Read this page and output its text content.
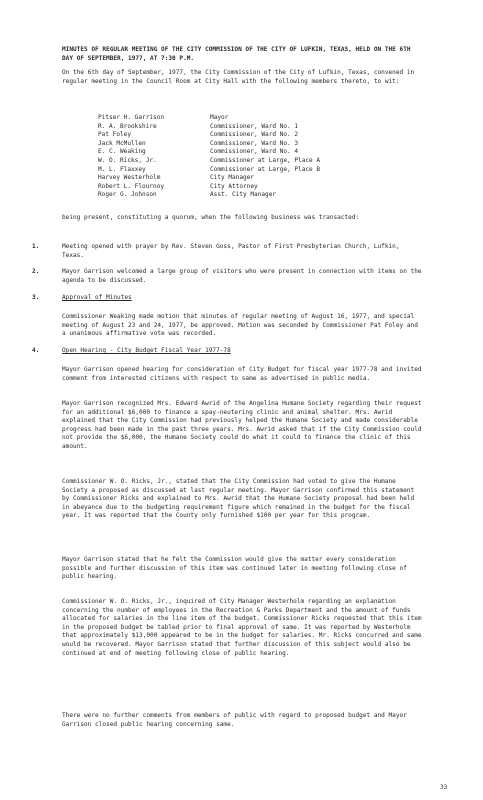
MINUTES OF REGULAR MEETING OF THE CITY COMMISSION OF THE CITY OF LUFKIN, TEXAS, HELD ON THE 6TH DAY OF SEPTEMBER, 1977, AT 7:30 P.M.

On the 6th day of September, 1977, the City Commission of the City of Lufkin, Texas, convened in regular meeting in the Council Room at City Hall with the following members thereto, to wit:

Pitser H. Garrison	Mayor
R. A. Brookshire	Commissioner, Ward No. 1
Pat Foley	Commissioner, Ward No. 2
Jack McMullen	Commissioner, Ward No. 3
E. C. Weaking	Commissioner, Ward No. 4
W. O. Ricks, Jr.	Commissioner at Large, Place A
M. L. Flaxxey	Commissioner at Large, Place B
Harvey Westerholm	City Manager
Robert L. Flournoy	City Attorney
Roger G. Johnson	Asst. City Manager

being present, constituting a quorum, when the following business was transacted:

1.	Meeting opened with prayer by Rev. Steven Goss, Pastor of First Presbyterian Church, Lufkin, Texas.

2.	Mayor Garrison welcomed a large group of visitors who were present in connection with items on the agenda to be discussed.

3.	Approval of Minutes

Commissioner Weaking made motion that minutes of regular meeting of August 16, 1977, and special meeting of August 23 and 24, 1977, be approved. Motion was seconded by Commissioner Pat Foley and a unanimous affirmative vote was recorded.

4.	Open Hearing - City Budget Fiscal Year 1977-78

Mayor Garrison opened hearing for consideration of City Budget for fiscal year 1977-78 and invited comment from interested citizens with respect to same as advertised in public media.

Mayor Garrison recognized Mrs. Edward Awrid of the Angelina Humane Society regarding their request for an additional $6,000 to finance a spay-neutering clinic and animal shelter. Mrs. Awrid explained that the City Commission had previously helped the Humane Society and made considerable progress had been made in the past three years. Mrs. Awrid asked that if the City Commission could not provide the $6,000, the Humane Society could do what it could to finance the clinic of this amount.

Commissioner W. O. Ricks, Jr., stated that the City Commission had voted to give the Humane Society a proposed as discussed at last regular meeting. Mayor Garrison confirmed this statement by Commissioner Ricks and explained to Mrs. Awrid that the Humane Society proposal had been held in abeyance due to the budgeting requirement figure which remained in the budget for the fiscal year. It was reported that the County only furnished $100 per year for this program.

Mayor Garrison stated that he felt the Commission would give the matter every consideration possible and further discussion of this item was continued later in meeting following close of public hearing.

Commissioner W. O. Ricks, Jr., inquired of City Manager Westerholm regarding an explanation concerning the number of employees in the Recreation & Parks Department and the amount of funds allocated for salaries in the line item of the budget. Commissioner Ricks requested that this item in the proposed budget be tabled prior to final approval of same. It was reported by Westerholm that approximately $13,000 appeared to be in the budget for salaries. Mr. Ricks concurred and same would be recovered. Mayor Garrison stated that further discussion of this subject would also be continued at end of meeting following close of public hearing.

There were no further comments from members of public with regard to proposed budget and Mayor Garrison closed public hearing concerning same.

33
